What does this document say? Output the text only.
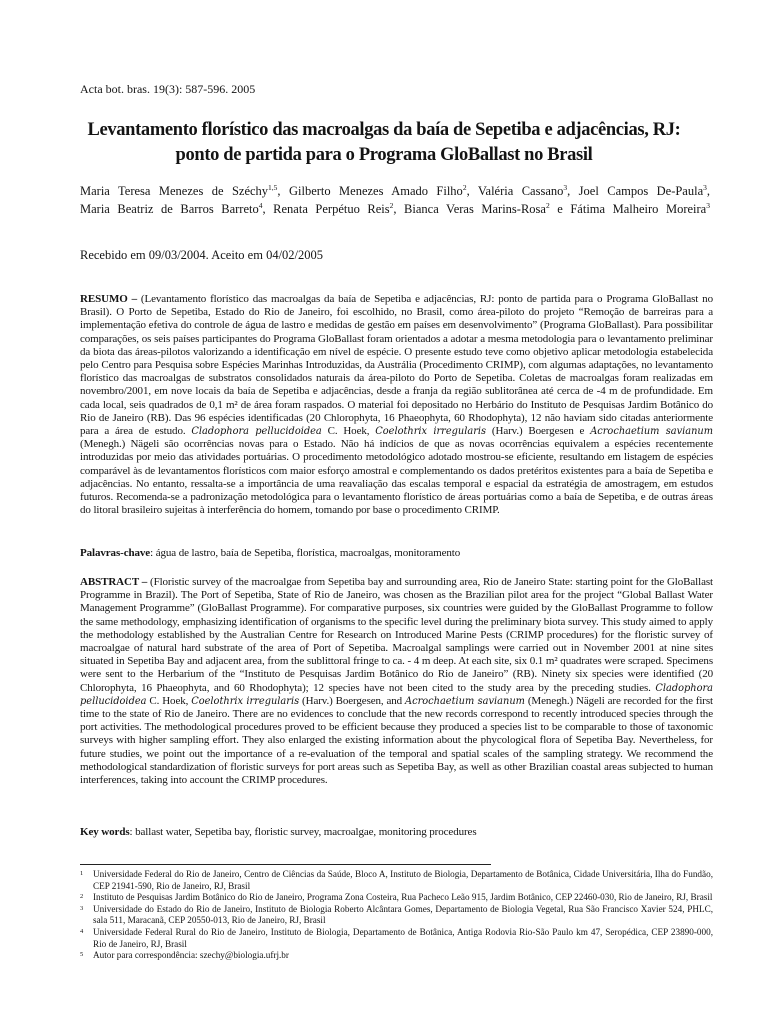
Acta bot. bras. 19(3): 587-596. 2005
Levantamento florístico das macroalgas da baía de Sepetiba e adjacências, RJ: ponto de partida para o Programa GloBallast no Brasil
Maria Teresa Menezes de Széchy$^{1,5}$, Gilberto Menezes Amado Filho$^2$, Valéria Cassano$^3$, Joel Campos De-Paula$^3$,
Maria Beatriz de Barros Barreto$^4$, Renata Perpétuo Reis$^2$, Bianca Veras Marins-Rosa$^2$ e Fátima Malheiro Moreira$^3$
Recebido em 09/03/2004. Aceito em 04/02/2005
RESUMO – (Levantamento florístico das macroalgas da baía de Sepetiba e adjacências, RJ: ponto de partida para o Programa GloBallast no Brasil). O Porto de Sepetiba, Estado do Rio de Janeiro, foi escolhido, no Brasil, como área-piloto do projeto “Remoção de barreiras para a implementação efetiva do controle de água de lastro e medidas de gestão em países em desenvolvimento” (Programa GloBallast). Para possibilitar comparações, os seis países participantes do Programa GloBallast foram orientados a adotar a mesma metodologia para o levantamento preliminar da biota das áreas-pilotos valorizando a identificação em nível de espécie. O presente estudo teve como objetivo aplicar metodologia estabelecida pelo Centro para Pesquisa sobre Espécies Marinhas Introduzidas, da Austrália (Procedimento CRIMP), com algumas adaptações, no levantamento florístico das macroalgas de substratos consolidados naturais da área-piloto do Porto de Sepetiba. Coletas de macroalgas foram realizadas em novembro/2001, em nove locais da baía de Sepetiba e adjacências, desde a franja da região sublitorânea até cerca de -4 m de profundidade. Em cada local, seis quadrados de 0,1 m² de área foram raspados. O material foi depositado no Herbário do Instituto de Pesquisas Jardim Botânico do Rio de Janeiro (RB). Das 96 espécies identificadas (20 Chlorophyta, 16 Phaeophyta, 60 Rhodophyta), 12 não haviam sido citadas anteriormente para a área de estudo. Cladophora pellucidoidea C. Hoek, Coelothrix irregularis (Harv.) Boergesen e Acrochaetium savianum (Menegh.) Nägeli são ocorrências novas para o Estado. Não há indícios de que as novas ocorrências equivalem a espécies recentemente introduzidas por meio das atividades portuárias. O procedimento metodológico adotado mostrou-se eficiente, resultando em listagem de espécies comparável às de levantamentos florísticos com maior esforço amostral e complementando os dados pretéritos existentes para a baía de Sepetiba e adjacências. No entanto, ressalta-se a importância de uma reavaliação das escalas temporal e espacial da estratégia de amostragem, em estudos futuros. Recomenda-se a padronização metodológica para o levantamento florístico de áreas portuárias como a baía de Sepetiba, e de outras áreas do litoral brasileiro sujeitas à interferência do homem, tomando por base o procedimento CRIMP.
Palavras-chave: água de lastro, baía de Sepetiba, florística, macroalgas, monitoramento
ABSTRACT – (Floristic survey of the macroalgae from Sepetiba bay and surrounding area, Rio de Janeiro State: starting point for the GloBallast Programme in Brazil). The Port of Sepetiba, State of Rio de Janeiro, was chosen as the Brazilian pilot area for the project “Global Ballast Water Management Programme” (GloBallast Programme). For comparative purposes, six countries were guided by the GloBallast Programme to follow the same methodology, emphasizing identification of organisms to the specific level during the preliminary biota survey. This study aimed to apply the methodology established by the Australian Centre for Research on Introduced Marine Pests (CRIMP procedures) for the floristic survey of macroalgae of natural hard substrate of the area of Port of Sepetiba. Macroalgal samplings were carried out in November 2001 at nine sites situated in Sepetiba Bay and adjacent area, from the sublittoral fringe to ca. - 4 m deep. At each site, six 0.1 m² quadrates were scraped. Specimens were sent to the Herbarium of the “Instituto de Pesquisas Jardim Botânico do Rio de Janeiro” (RB). Ninety six species were identified (20 Chlorophyta, 16 Phaeophyta, and 60 Rhodophyta); 12 species have not been cited to the study area by the preceding studies. Cladophora pellucidoidea C. Hoek, Coelothrix irregularis (Harv.) Boergesen, and Acrochaetium savianum (Menegh.) Nägeli are recorded for the first time to the state of Rio de Janeiro. There are no evidences to conclude that the new records correspond to recently introduced species through the port activities. The methodological procedures proved to be efficient because they produced a species list to be comparable to those of taxonomic surveys with higher sampling effort. They also enlarged the existing information about the phycological flora of Sepetiba Bay. Nevertheless, for future studies, we point out the importance of a re-evaluation of the temporal and spatial scales of the sampling strategy. We recommend the methodological standardization of floristic surveys for port areas such as Sepetiba Bay, as well as other Brazilian coastal areas subjected to human interferences, taking into account the CRIMP procedures.
Key words: ballast water, Sepetiba bay, floristic survey, macroalgae, monitoring procedures
1 Universidade Federal do Rio de Janeiro, Centro de Ciências da Saúde, Bloco A, Instituto de Biologia, Departamento de Botânica, Cidade Universitária, Ilha do Fundão, CEP 21941-590, Rio de Janeiro, RJ, Brasil
2 Instituto de Pesquisas Jardim Botânico do Rio de Janeiro, Programa Zona Costeira, Rua Pacheco Leão 915, Jardim Botânico, CEP 22460-030, Rio de Janeiro, RJ, Brasil
3 Universidade do Estado do Rio de Janeiro, Instituto de Biologia Roberto Alcântara Gomes, Departamento de Biologia Vegetal, Rua São Francisco Xavier 524, PHLC, sala 511, Maracanã, CEP 20550-013, Rio de Janeiro, RJ, Brasil
4 Universidade Federal Rural do Rio de Janeiro, Instituto de Biologia, Departamento de Botânica, Antiga Rodovia Rio-São Paulo km 47, Seropédica, CEP 23890-000, Rio de Janeiro, RJ, Brasil
5 Autor para correspondência: szechy@biologia.ufrj.br
